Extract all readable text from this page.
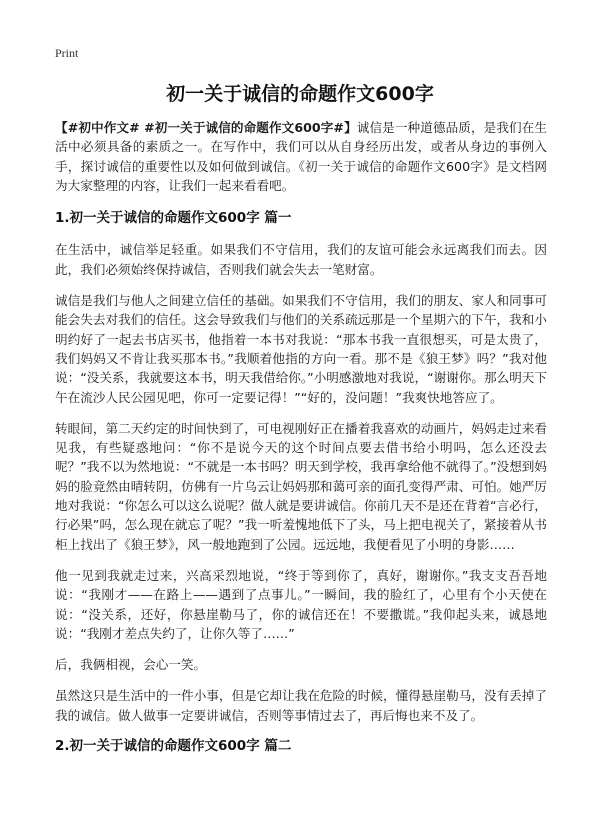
Print
初一关于诚信的命题作文600字

【#初中作文# #初一关于诚信的命题作文600字#】诚信是一种道德品质，是我们在生活中必须具备的素质之一。在写作中，我们可以从自身经历出发，或者从身边的事例入手，探讨诚信的重要性以及如何做到诚信。《初一关于诚信的命题作文600字》是文档网为大家整理的内容，让我们一起来看看吧。

1.初一关于诚信的命题作文600字 篇一

在生活中，诚信举足轻重。如果我们不守信用，我们的友谊可能会永远离我们而去。因此，我们必须始终保持诚信，否则我们就会失去一笔财富。

诚信是我们与他人之间建立信任的基础。如果我们不守信用，我们的朋友、家人和同事可能会失去对我们的信任。这会导致我们与他们的关系疏远那是一个星期六的下午，我和小明约好了一起去书店买书，他指着一本书对我说：“那本书我一直很想买，可是太贵了，我们妈妈又不肯让我买那本书。”我顺着他指的方向一看。那不是《狼王梦》吗？”我对他说：“没关系，我就要这本书，明天我借给你。”小明感激地对我说，“谢谢你。那么明天下午在流沙人民公园见吧，你可一定要记得！”“好的，没问题！”我爽快地答应了。

转眼间，第二天约定的时间快到了，可电视刚好正在播着我喜欢的动画片，妈妈走过来看见我，有些疑惑地问：“你不是说今天的这个时间点要去借书给小明吗，怎么还没去呢？”我不以为然地说：“不就是一本书吗？明天到学校，我再拿给他不就得了。”没想到妈妈的脸竟然由晴转阴，仿佛有一片乌云让妈妈那和蔼可亲的面孔变得严肃、可怕。她严厉地对我说：“你怎么可以这么说呢？做人就是要讲诚信。你前几天不是还在背着“言必行，行必果”吗，怎么现在就忘了呢？”我一听羞愧地低下了头，马上把电视关了，紧接着从书柜上找出了《狼王梦》，风一般地跑到了公园。远远地，我便看见了小明的身影……

他一见到我就走过来，兴高采烈地说，“终于等到你了，真好，谢谢你。”我支支吾吾地说：“我刚才——在路上——遇到了点事儿。”一瞬间，我的脸红了，心里有个小天使在说：“没关系，还好，你悬崖勒马了，你的诚信还在！不要撒谎。”我仰起头来，诚恳地说：“我刚才差点失约了，让你久等了……”

后，我俩相视，会心一笑。

虽然这只是生活中的一件小事，但是它却让我在危险的时候，懂得悬崖勒马，没有丢掉了我的诚信。做人做事一定要讲诚信，否则等事情过去了，再后悔也来不及了。

2.初一关于诚信的命题作文600字 篇二
